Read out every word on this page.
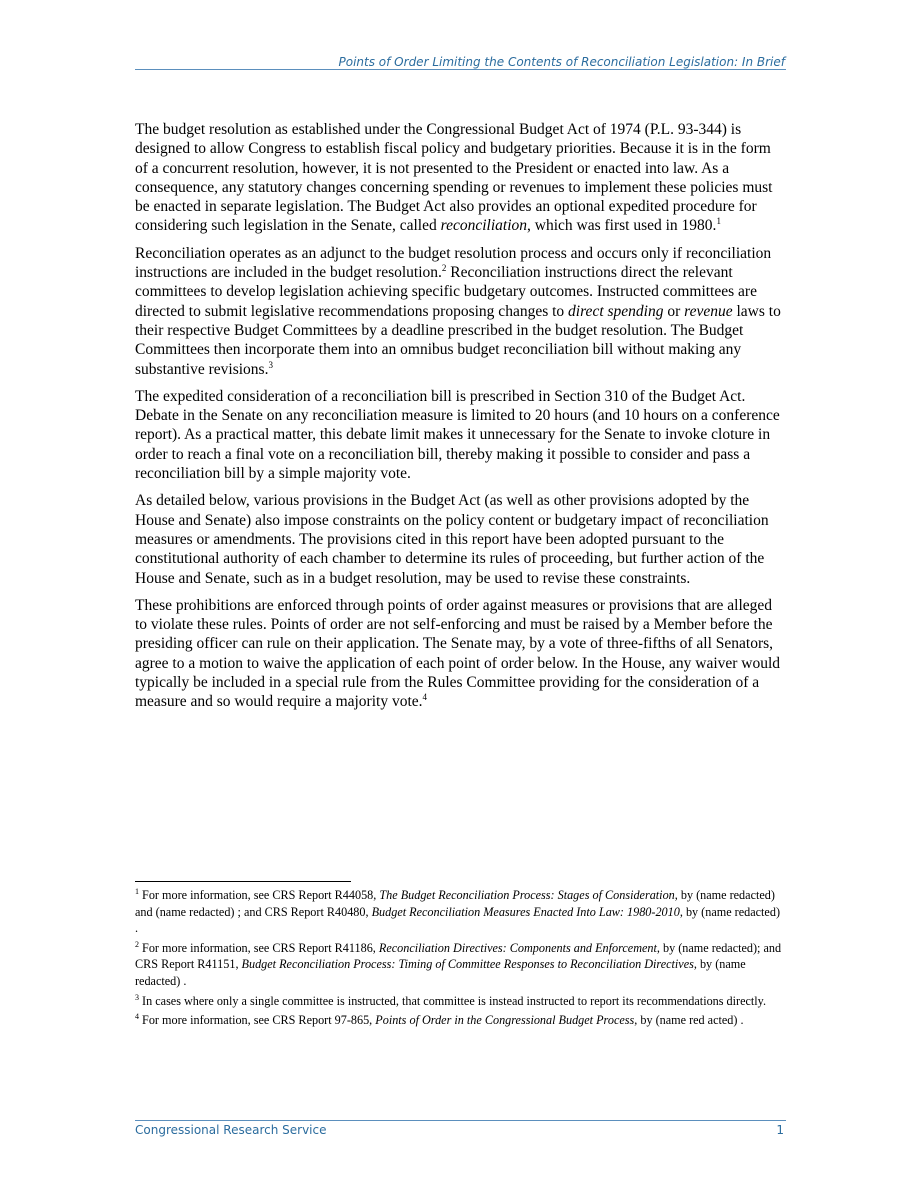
Points of Order Limiting the Contents of Reconciliation Legislation: In Brief

The budget resolution as established under the Congressional Budget Act of 1974 (P.L. 93-344) is designed to allow Congress to establish fiscal policy and budgetary priorities. Because it is in the form of a concurrent resolution, however, it is not presented to the President or enacted into law. As a consequence, any statutory changes concerning spending or revenues to implement these policies must be enacted in separate legislation. The Budget Act also provides an optional expedited procedure for considering such legislation in the Senate, called reconciliation, which was first used in 1980.$^1$

Reconciliation operates as an adjunct to the budget resolution process and occurs only if reconciliation instructions are included in the budget resolution.$^2$ Reconciliation instructions direct the relevant committees to develop legislation achieving specific budgetary outcomes. Instructed committees are directed to submit legislative recommendations proposing changes to direct spending or revenue laws to their respective Budget Committees by a deadline prescribed in the budget resolution. The Budget Committees then incorporate them into an omnibus budget reconciliation bill without making any substantive revisions.$^3$

The expedited consideration of a reconciliation bill is prescribed in Section 310 of the Budget Act. Debate in the Senate on any reconciliation measure is limited to 20 hours (and 10 hours on a conference report). As a practical matter, this debate limit makes it unnecessary for the Senate to invoke cloture in order to reach a final vote on a reconciliation bill, thereby making it possible to consider and pass a reconciliation bill by a simple majority vote.

As detailed below, various provisions in the Budget Act (as well as other provisions adopted by the House and Senate) also impose constraints on the policy content or budgetary impact of reconciliation measures or amendments. The provisions cited in this report have been adopted pursuant to the constitutional authority of each chamber to determine its rules of proceeding, but further action of the House and Senate, such as in a budget resolution, may be used to revise these constraints.

These prohibitions are enforced through points of order against measures or provisions that are alleged to violate these rules. Points of order are not self-enforcing and must be raised by a Member before the presiding officer can rule on their application. The Senate may, by a vote of three-fifths of all Senators, agree to a motion to waive the application of each point of order below. In the House, any waiver would typically be included in a special rule from the Rules Committee providing for the consideration of a measure and so would require a majority vote.$^4$

$^1$ For more information, see CRS Report R44058, The Budget Reconciliation Process: Stages of Consideration, by (name redacted) and (name redacted) ; and CRS Report R40480, Budget Reconciliation Measures Enacted Into Law: 1980-2010, by (name redacted) .

$^2$ For more information, see CRS Report R41186, Reconciliation Directives: Components and Enforcement, by (name redacted); and CRS Report R41151, Budget Reconciliation Process: Timing of Committee Responses to Reconciliation Directives, by (name redacted) .

$^3$ In cases where only a single committee is instructed, that committee is instead instructed to report its recommendations directly.

$^4$ For more information, see CRS Report 97-865, Points of Order in the Congressional Budget Process, by (name red acted) .

Congressional Research Service	1
